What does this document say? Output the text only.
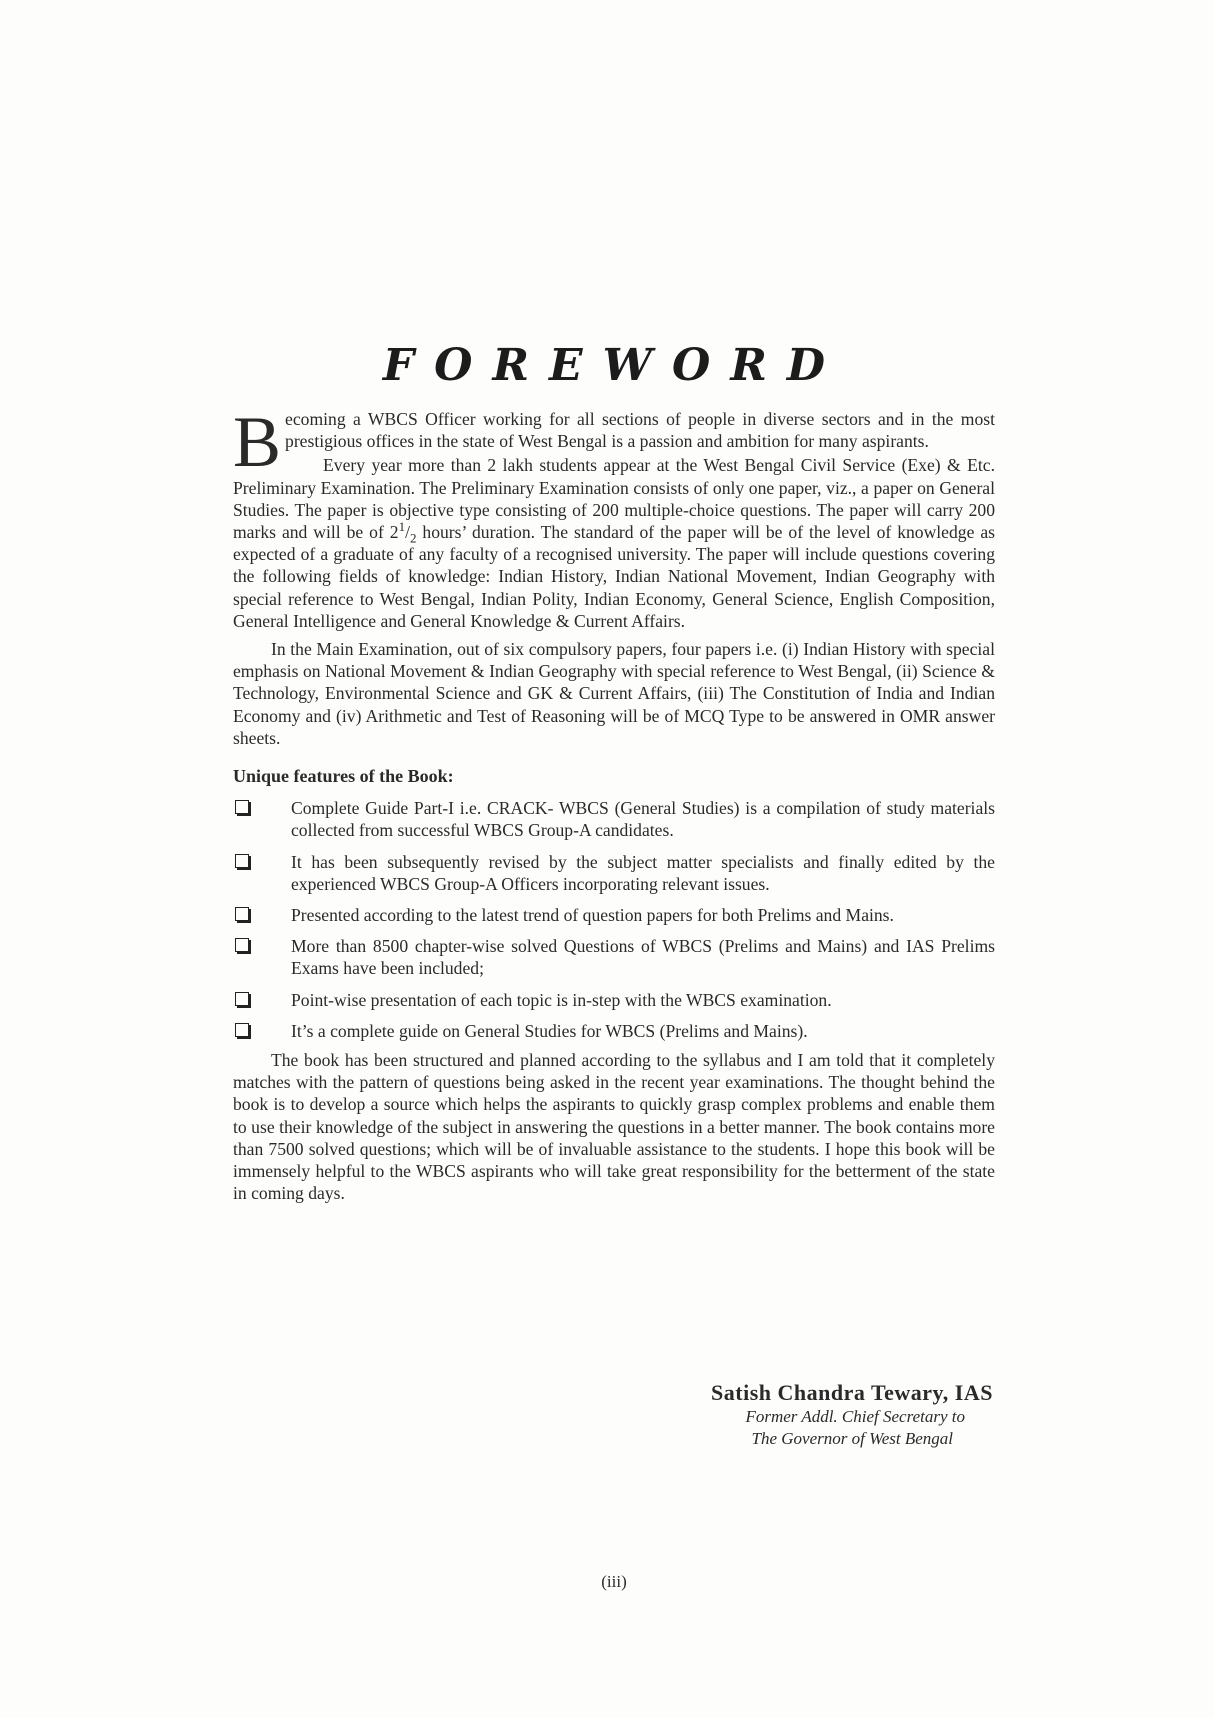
FOREWORD

Becoming a WBCS Officer working for all sections of people in diverse sectors and in the most prestigious offices in the state of West Bengal is a passion and ambition for many aspirants.

Every year more than 2 lakh students appear at the West Bengal Civil Service (Exe) & Etc. Preliminary Examination. The Preliminary Examination consists of only one paper, viz., a paper on General Studies. The paper is objective type consisting of 200 multiple-choice questions. The paper will carry 200 marks and will be of $2^1/_2$ hours’ duration. The standard of the paper will be of the level of knowledge as expected of a graduate of any faculty of a recognised university. The paper will include questions covering the following fields of knowledge: Indian History, Indian National Movement, Indian Geography with special reference to West Bengal, Indian Polity, Indian Economy, General Science, English Composition, General Intelligence and General Knowledge & Current Affairs.

In the Main Examination, out of six compulsory papers, four papers i.e. (i) Indian History with special emphasis on National Movement & Indian Geography with special reference to West Bengal, (ii) Science & Technology, Environmental Science and GK & Current Affairs, (iii) The Constitution of India and Indian Economy and (iv) Arithmetic and Test of Reasoning will be of MCQ Type to be answered in OMR answer sheets.

Unique features of the Book:

Complete Guide Part-I i.e. CRACK- WBCS (General Studies) is a compilation of study materials collected from successful WBCS Group-A candidates.
It has been subsequently revised by the subject matter specialists and finally edited by the experienced WBCS Group-A Officers incorporating relevant issues.
Presented according to the latest trend of question papers for both Prelims and Mains.
More than 8500 chapter-wise solved Questions of WBCS (Prelims and Mains) and IAS Prelims Exams have been included;
Point-wise presentation of each topic is in-step with the WBCS examination.
It’s a complete guide on General Studies for WBCS (Prelims and Mains).

The book has been structured and planned according to the syllabus and I am told that it completely matches with the pattern of questions being asked in the recent year examinations. The thought behind the book is to develop a source which helps the aspirants to quickly grasp complex problems and enable them to use their knowledge of the subject in answering the questions in a better manner. The book contains more than 7500 solved questions; which will be of invaluable assistance to the students. I hope this book will be immensely helpful to the WBCS aspirants who will take great responsibility for the betterment of the state in coming days.

Satish Chandra Tewary, IAS
Former Addl. Chief Secretary to
The Governor of West Bengal
(iii)
